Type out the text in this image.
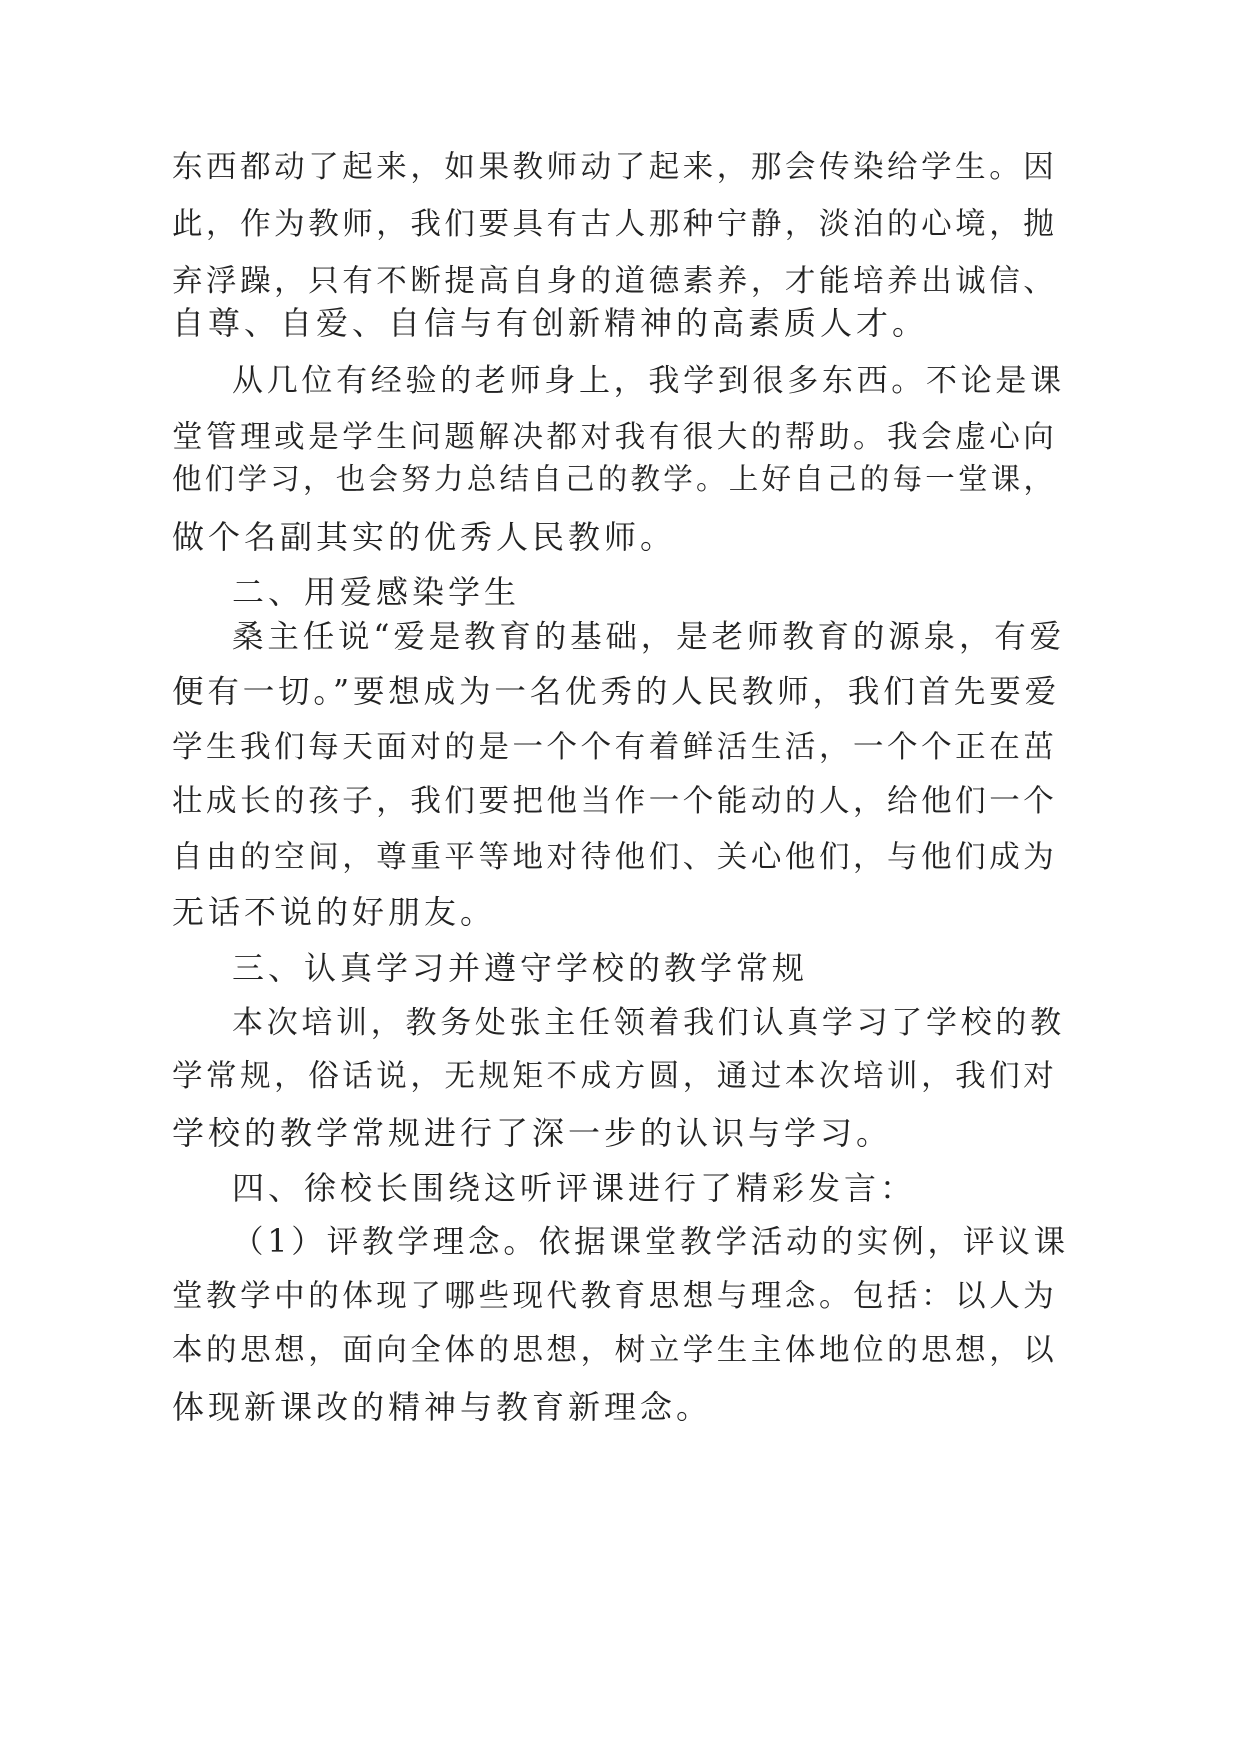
东西都动了起来，如果教师动了起来，那会传染给学生。因
此，作为教师，我们要具有古人那种宁静，淡泊的心境，抛
弃浮躁，只有不断提高自身的道德素养，才能培养出诚信、
自尊、自爱、自信与有创新精神的高素质人才。
从几位有经验的老师身上，我学到很多东西。不论是课
堂管理或是学生问题解决都对我有很大的帮助。我会虚心向
他们学习，也会努力总结自己的教学。上好自己的每一堂课，
做个名副其实的优秀人民教师。
二、用爱感染学生
桑主任说“爱是教育的基础，是老师教育的源泉，有爱
便有一切。”要想成为一名优秀的人民教师，我们首先要爱
学生我们每天面对的是一个个有着鲜活生活，一个个正在茁
壮成长的孩子，我们要把他当作一个能动的人，给他们一个
自由的空间，尊重平等地对待他们、关心他们，与他们成为
无话不说的好朋友。
三、认真学习并遵守学校的教学常规
本次培训，教务处张主任领着我们认真学习了学校的教
学常规，俗话说，无规矩不成方圆，通过本次培训，我们对
学校的教学常规进行了深一步的认识与学习。
四、徐校长围绕这听评课进行了精彩发言：
（1）评教学理念。依据课堂教学活动的实例，评议课
堂教学中的体现了哪些现代教育思想与理念。包括：以人为
本的思想，面向全体的思想，树立学生主体地位的思想，以
体现新课改的精神与教育新理念。
